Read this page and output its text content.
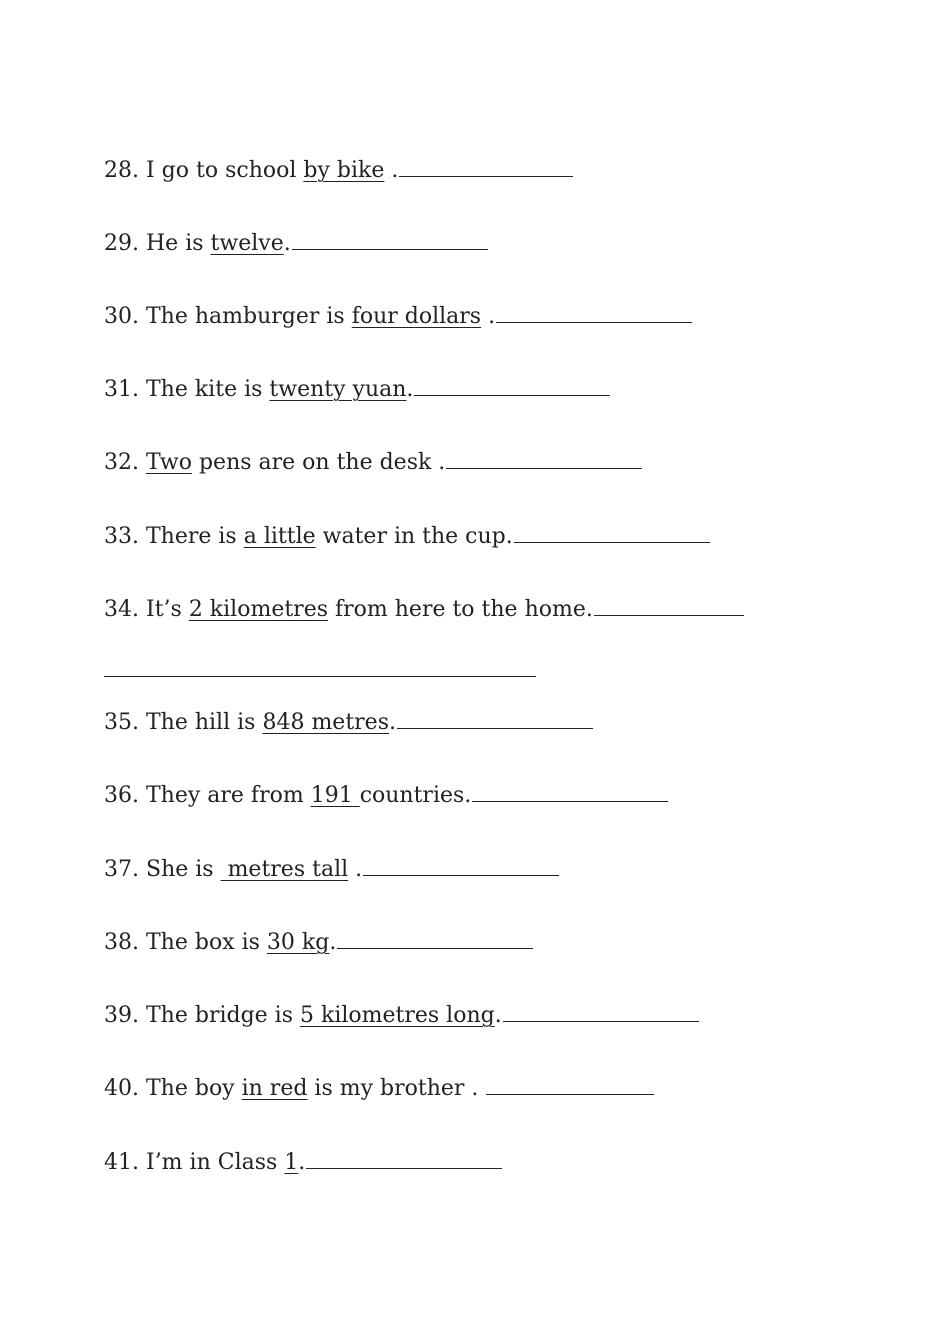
28. I go to school by bike .
29. He is twelve.
30. The hamburger is four dollars .
31. The kite is twenty yuan.
32. Two pens are on the desk .
33. There is a little water in the cup.
34. It’s 2 kilometres from here to the home.
35. The hill is 848 metres.
36. They are from 191 countries.
37. She is  metres tall .
38. The box is 30 kg.
39. The bridge is 5 kilometres long.
40. The boy in red is my brother .
41. I’m in Class 1.
